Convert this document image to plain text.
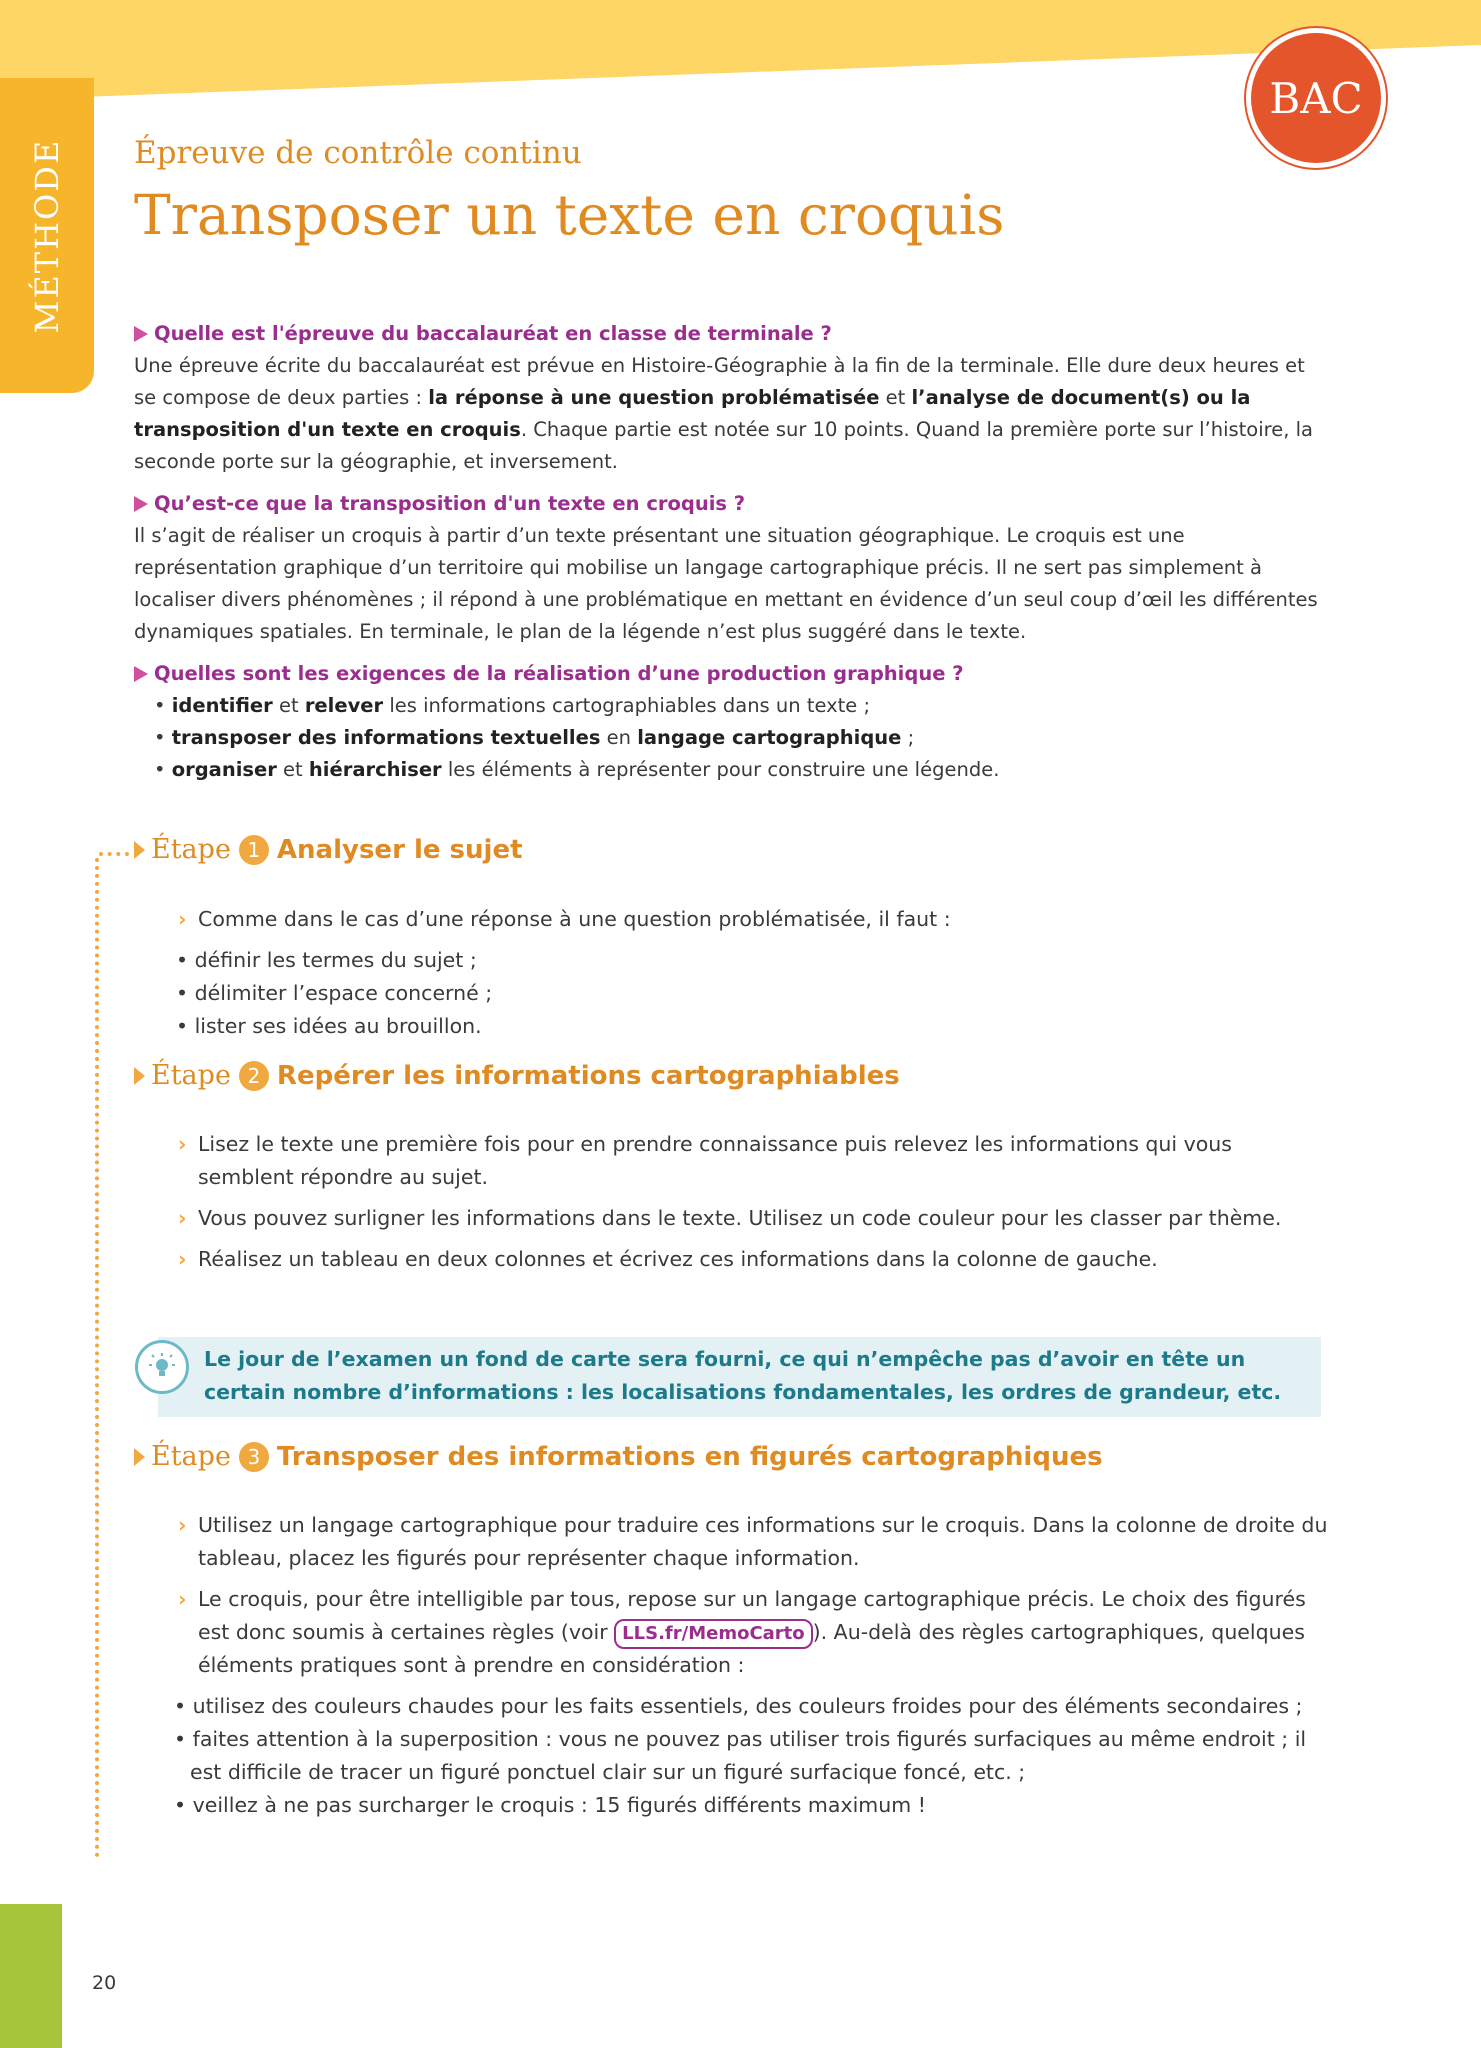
MÉTHODE
BAC
Épreuve de contrôle continu
Transposer un texte en croquis
Quelle est l'épreuve du baccalauréat en classe de terminale ?

Une épreuve écrite du baccalauréat est prévue en Histoire-Géographie à la fin de la terminale. Elle dure deux heures et se compose de deux parties : la réponse à une question problématisée et l’analyse de document(s) ou la transposition d'un texte en croquis. Chaque partie est notée sur 10 points. Quand la première porte sur l’histoire, la seconde porte sur la géographie, et inversement.

Qu’est-ce que la transposition d'un texte en croquis ?

Il s’agit de réaliser un croquis à partir d’un texte présentant une situation géographique. Le croquis est une représentation graphique d’un territoire qui mobilise un langage cartographique précis. Il ne sert pas simplement à localiser divers phénomènes ; il répond à une problématique en mettant en évidence d’un seul coup d’œil les différentes dynamiques spatiales. En terminale, le plan de la légende n’est plus suggéré dans le texte.

Quelles sont les exigences de la réalisation d’une production graphique ?
• identifier et relever les informations cartographiables dans un texte ;
• transposer des informations textuelles en langage cartographique ;
• organiser et hiérarchiser les éléments à représenter pour construire une légende.
Étape 1 Analyser le sujet
› Comme dans le cas d’une réponse à une question problématisée, il faut :
• définir les termes du sujet ;
• délimiter l’espace concerné ;
• lister ses idées au brouillon.
Étape 2 Repérer les informations cartographiables
› Lisez le texte une première fois pour en prendre connaissance puis relevez les informations qui vous semblent répondre au sujet.
› Vous pouvez surligner les informations dans le texte. Utilisez un code couleur pour les classer par thème.
› Réalisez un tableau en deux colonnes et écrivez ces informations dans la colonne de gauche.
Le jour de l’examen un fond de carte sera fourni, ce qui n’empêche pas d’avoir en tête un certain nombre d’informations : les localisations fondamentales, les ordres de grandeur, etc.
Étape 3 Transposer des informations en figurés cartographiques
› Utilisez un langage cartographique pour traduire ces informations sur le croquis. Dans la colonne de droite du tableau, placez les figurés pour représenter chaque information.
› Le croquis, pour être intelligible par tous, repose sur un langage cartographique précis. Le choix des figurés est donc soumis à certaines règles (voir LLS.fr/MemoCarto ). Au-delà des règles cartographiques, quelques éléments pratiques sont à prendre en considération :
• utilisez des couleurs chaudes pour les faits essentiels, des couleurs froides pour des éléments secondaires ;
• faites attention à la superposition : vous ne pouvez pas utiliser trois figurés surfaciques au même endroit ; il est difficile de tracer un figuré ponctuel clair sur un figuré surfacique foncé, etc. ;
• veillez à ne pas surcharger le croquis : 15 figurés différents maximum !
20
